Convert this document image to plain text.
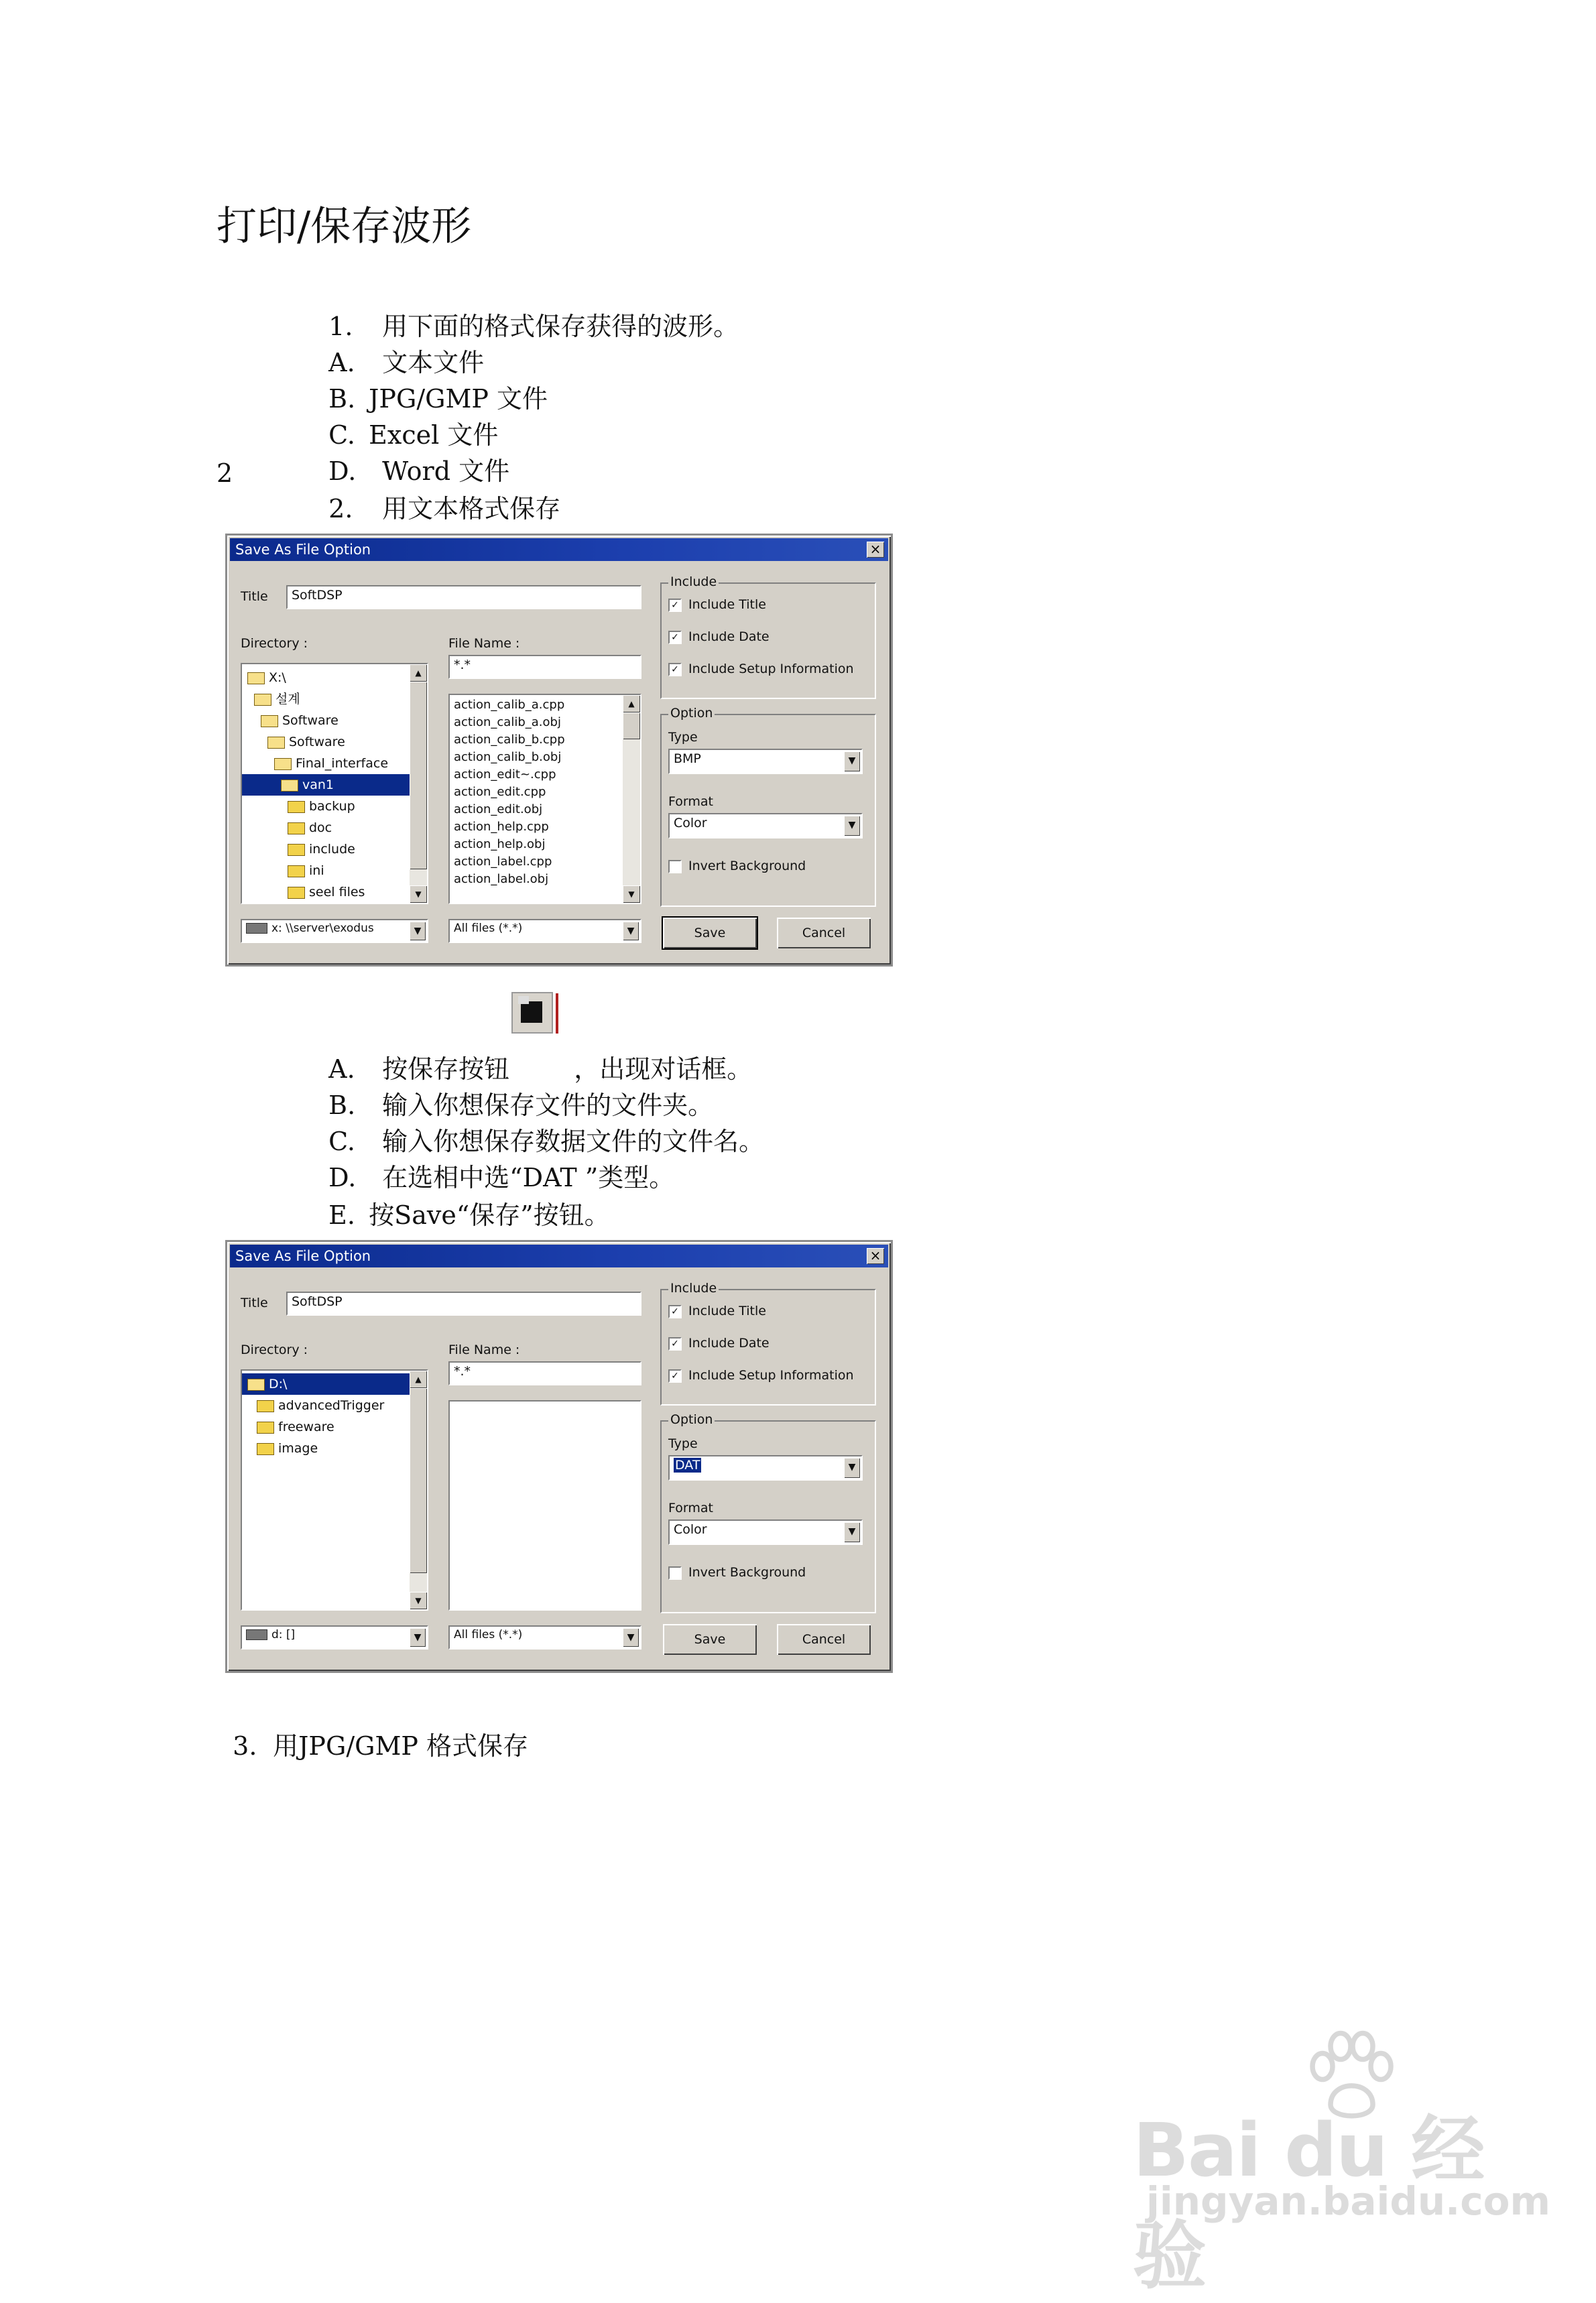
打印/保存波形

1. 用下面的格式保存获得的波形。

A. 文本文件

B. JPG/GMP 文件

C. Excel 文件

D. Word 文件

2

2. 用文本格式保存

Save As File Option	×
Title	SoftDSP
Directory :	File Name :
*.*
X:\
설계
Software
Software
Final_interface
van1
backup
doc
include
ini
seel files
▲
▼
action_calib_a.cpp
action_calib_a.obj
action_calib_b.cpp
action_calib_b.obj
action_edit~.cpp
action_edit.cpp
action_edit.obj
action_help.cpp
action_help.obj
action_label.cpp
action_label.obj
▲
▼
x: \\server\exodus	▼	All files (*.*)	▼
Include
✓ Include Title
✓ Include Date
✓ Include Setup Information
Option
Type
BMP	▼
Format
Color	▼
Invert Background
Save	Cancel

A. 按保存按钮	，出现对话框。

B. 输入你想保存文件的文件夹。

C. 输入你想保存数据文件的文件名。

D. 在选相中选“DAT ”类型。

E. 按Save“保存”按钮。

Save As File Option	×
Title	SoftDSP
Directory :	File Name :
*.*
D:\
advancedTrigger
freeware
image
▲
▼
d: []	▼	All files (*.*)	▼
Include
✓ Include Title
✓ Include Date
✓ Include Setup Information
Option
Type
DAT	▼
Format
Color	▼
Invert Background
Save	Cancel

3. 用JPG/GMP 格式保存

Bai du 经验
jingyan.baidu.com
